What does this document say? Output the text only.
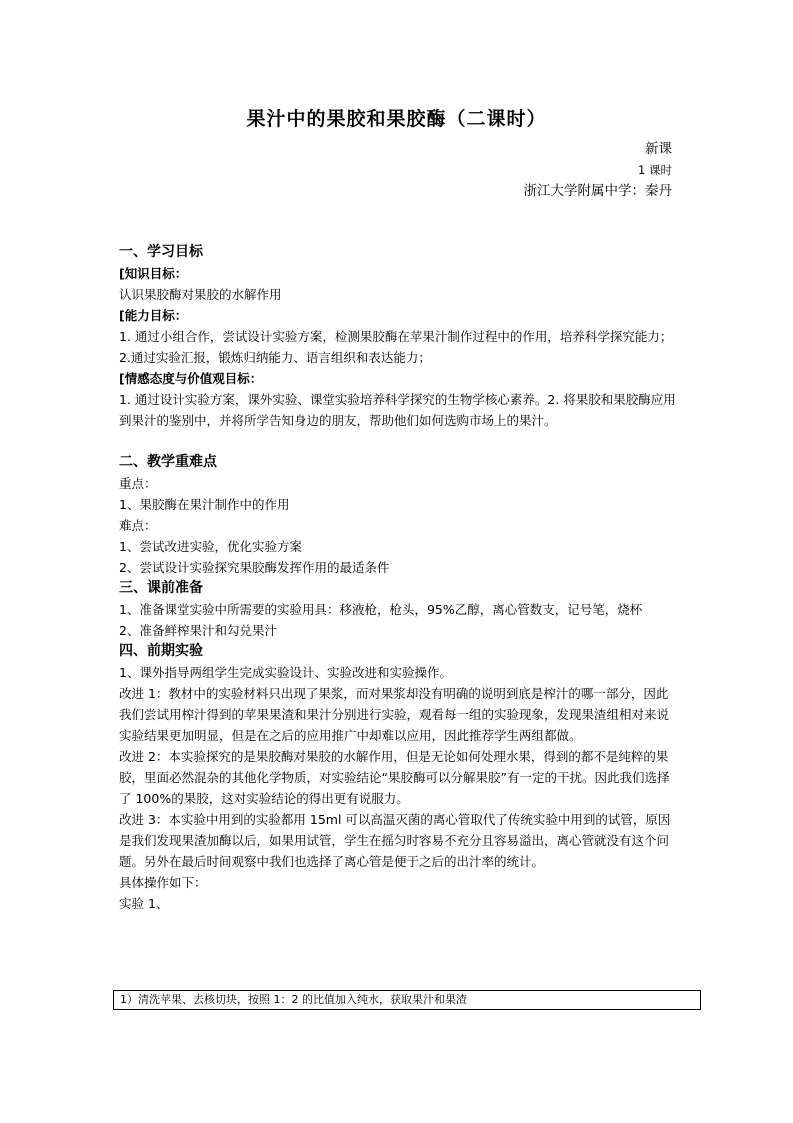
果汁中的果胶和果胶酶（二课时）
新课
1 课时
浙江大学附属中学：秦丹

一、学习目标

[知识目标：

认识果胶酶对果胶的水解作用

[能力目标：

1. 通过小组合作，尝试设计实验方案，检测果胶酶在苹果汁制作过程中的作用，培养科学探究能力；2.通过实验汇报，锻炼归纳能力、语言组织和表达能力；

[情感态度与价值观目标：

1. 通过设计实验方案，课外实验、课堂实验培养科学探究的生物学核心素养。2. 将果胶和果胶酶应用到果汁的鉴别中，并将所学告知身边的朋友，帮助他们如何选购市场上的果汁。

二、教学重难点

重点：

1、果胶酶在果汁制作中的作用

难点：

1、尝试改进实验，优化实验方案

2、尝试设计实验探究果胶酶发挥作用的最适条件

三、课前准备

1、准备课堂实验中所需要的实验用具：移液枪，枪头，95%乙醇，离心管数支，记号笔，烧杯

2、准备鲜榨果汁和勾兑果汁

四、前期实验

1、课外指导两组学生完成实验设计、实验改进和实验操作。

改进 1：教材中的实验材料只出现了果浆，而对果浆却没有明确的说明到底是榨汁的哪一部分，因此我们尝试用榨汁得到的苹果果渣和果汁分别进行实验，观看每一组的实验现象，发现果渣组相对来说实验结果更加明显，但是在之后的应用推广中却难以应用，因此推荐学生两组都做。

改进 2：本实验探究的是果胶酶对果胶的水解作用，但是无论如何处理水果，得到的都不是纯粹的果胶，里面必然混杂的其他化学物质，对实验结论“果胶酶可以分解果胶”有一定的干扰。因此我们选择了 100%的果胶，这对实验结论的得出更有说服力。

改进 3：本实验中用到的实验都用 15ml 可以高温灭菌的离心管取代了传统实验中用到的试管，原因是我们发现果渣加酶以后，如果用试管，学生在摇匀时容易不充分且容易溢出，离心管就没有这个问题。另外在最后时间观察中我们也选择了离心管是便于之后的出汁率的统计。

具体操作如下：

实验 1、

1）清洗苹果、去核切块，按照 1：2 的比值加入纯水，获取果汁和果渣
